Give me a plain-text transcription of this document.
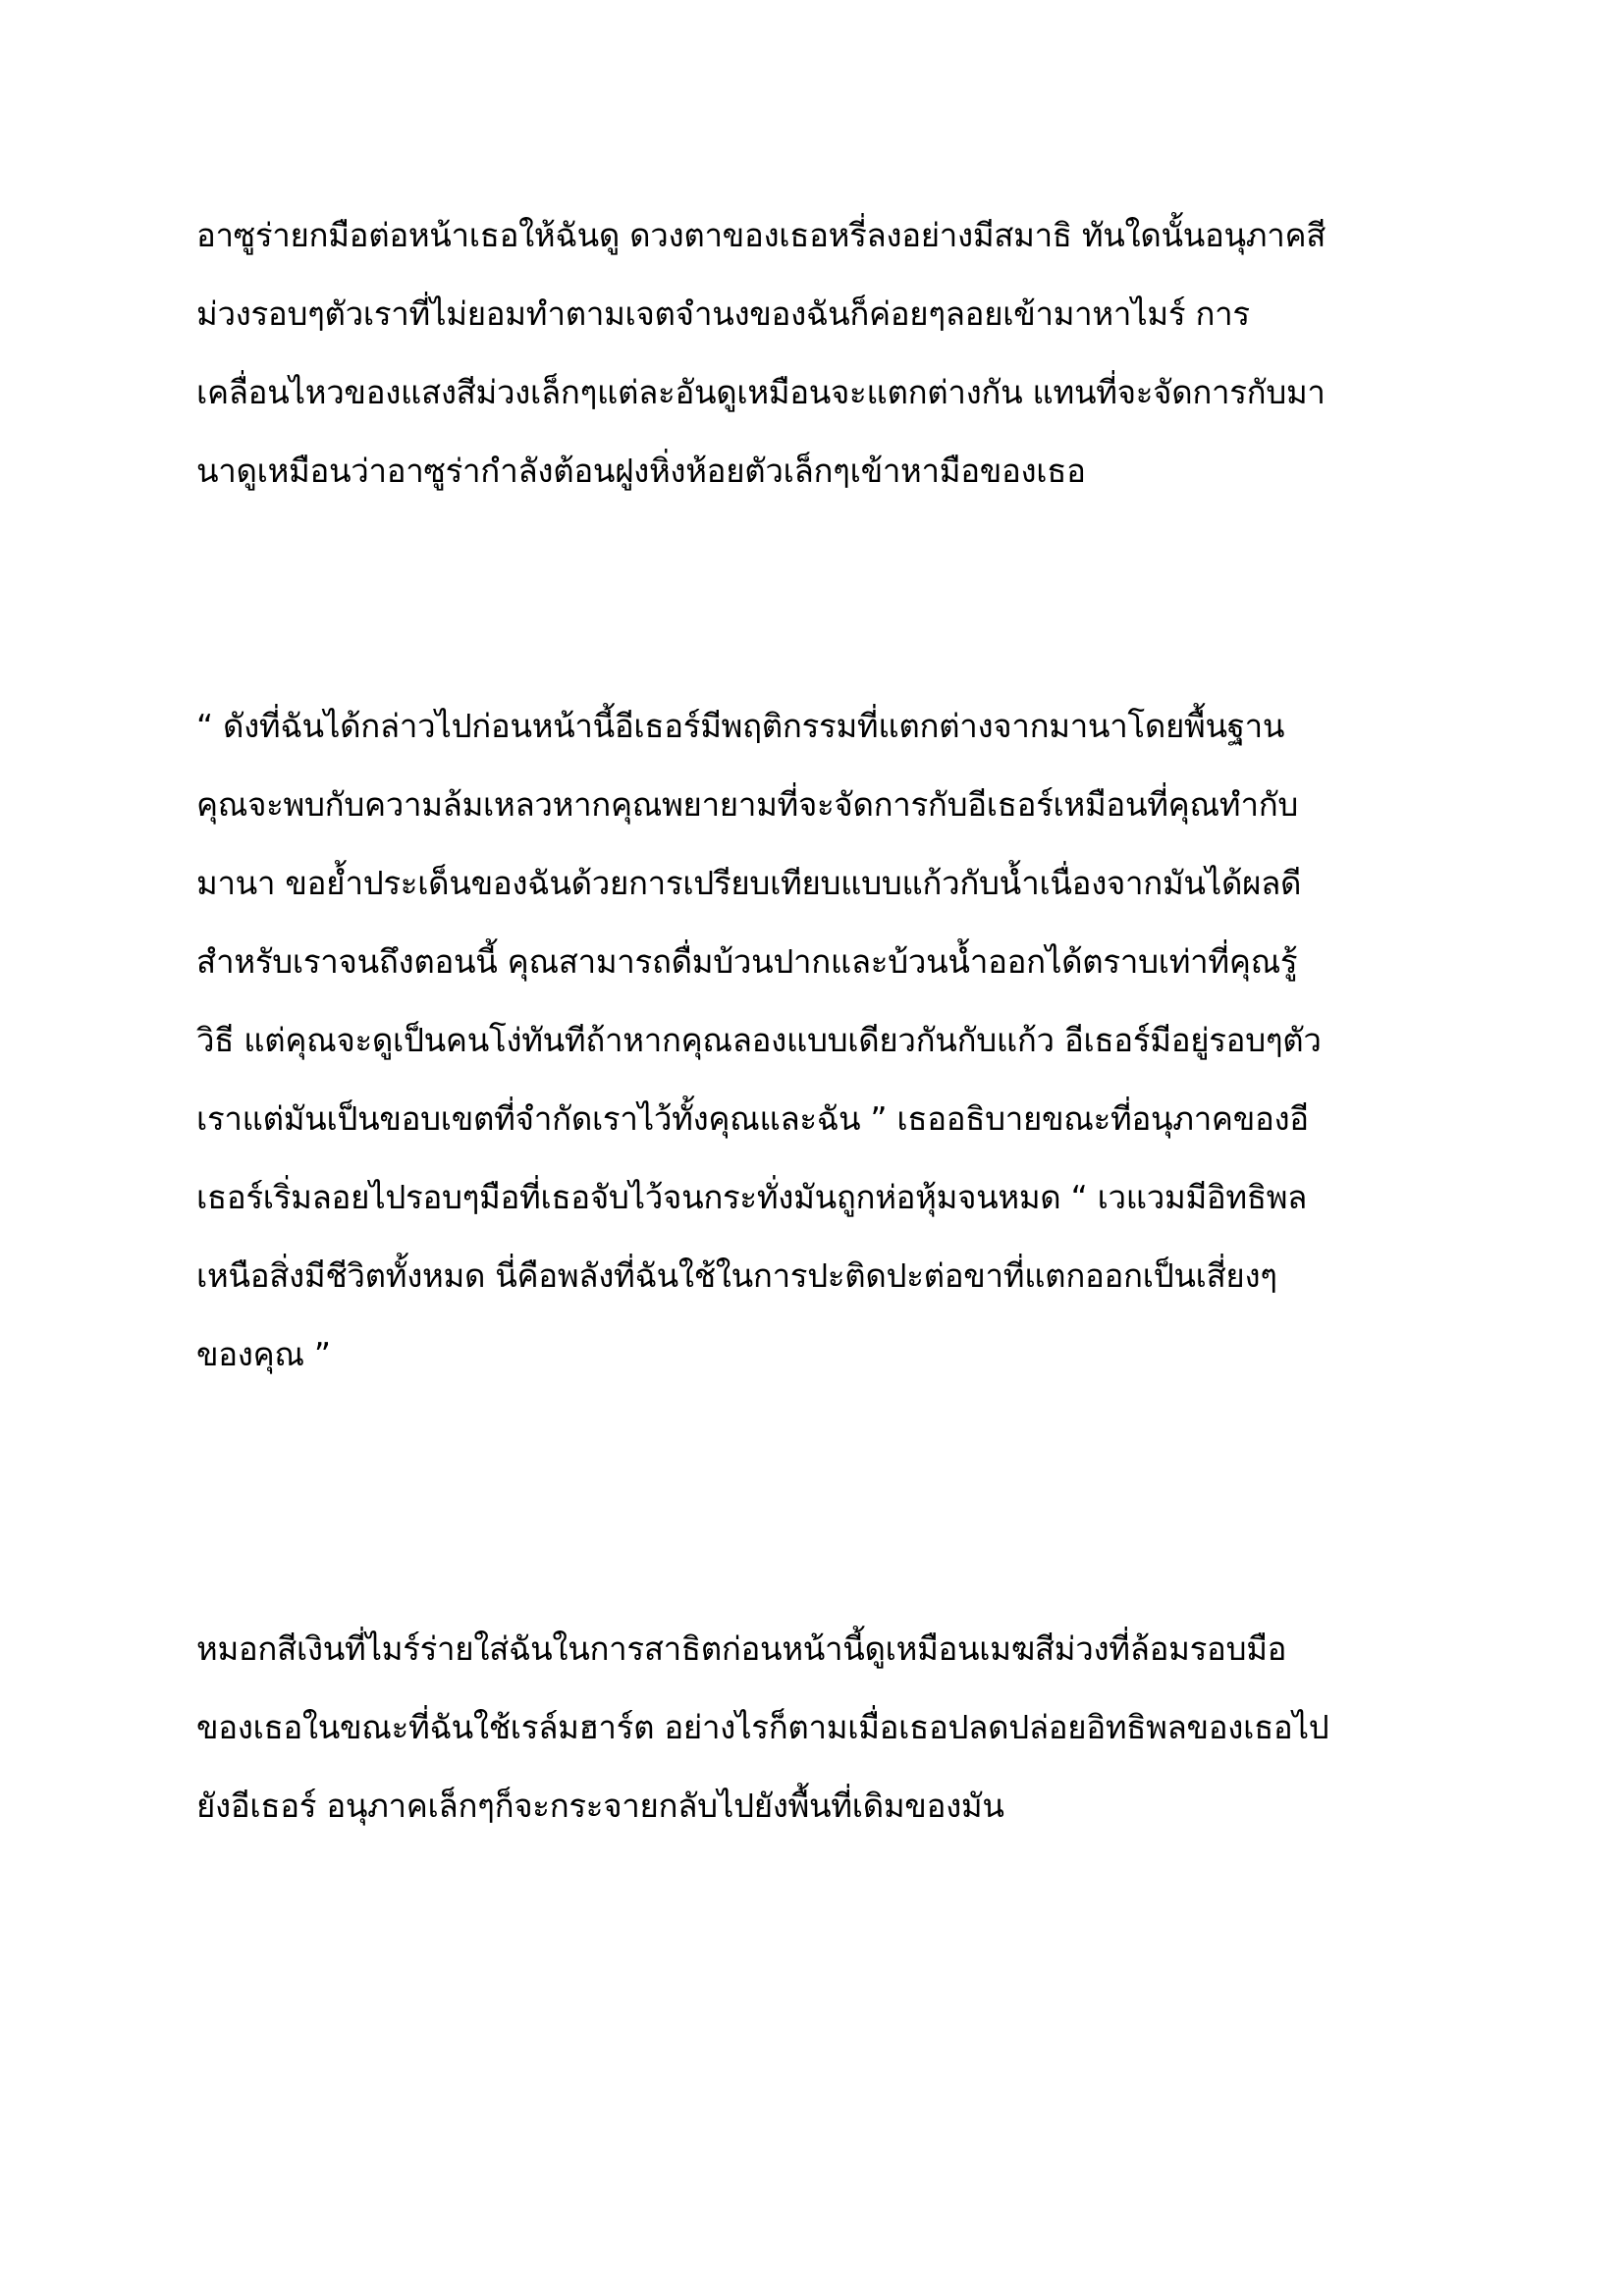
อาซูร่ายกมือต่อหน้าเธอให้ฉันดู ดวงตาของเธอหรี่ลงอย่างมีสมาธิ ทันใดนั้นอนุภาคสี
ม่วงรอบๆตัวเราที่ไม่ยอมทำตามเจตจำนงของฉันก็ค่อยๆลอยเข้ามาหาไมร์ การ
เคลื่อนไหวของแสงสีม่วงเล็กๆแต่ละอันดูเหมือนจะแตกต่างกัน แทนที่จะจัดการกับมา
นาดูเหมือนว่าอาซูร่ากำลังต้อนฝูงหิ่งห้อยตัวเล็กๆเข้าหามือของเธอ
“ ดังที่ฉันได้กล่าวไปก่อนหน้านี้อีเธอร์มีพฤติกรรมที่แตกต่างจากมานาโดยพื้นฐาน
คุณจะพบกับความล้มเหลวหากคุณพยายามที่จะจัดการกับอีเธอร์เหมือนที่คุณทำกับ
มานา ขอย้ำประเด็นของฉันด้วยการเปรียบเทียบแบบแก้วกับน้ำเนื่องจากมันได้ผลดี
สำหรับเราจนถึงตอนนี้ คุณสามารถดื่มบ้วนปากและบ้วนน้ำออกได้ตราบเท่าที่คุณรู้
วิธี แต่คุณจะดูเป็นคนโง่ทันทีถ้าหากคุณลองแบบเดียวกันกับแก้ว อีเธอร์มีอยู่รอบๆตัว
เราแต่มันเป็นขอบเขตที่จำกัดเราไว้ทั้งคุณและฉัน ” เธออธิบายขณะที่อนุภาคของอี
เธอร์เริ่มลอยไปรอบๆมือที่เธอจับไว้จนกระทั่งมันถูกห่อหุ้มจนหมด “ เวแวมมีอิทธิพล
เหนือสิ่งมีชีวิตทั้งหมด นี่คือพลังที่ฉันใช้ในการปะติดปะต่อขาที่แตกออกเป็นเสี่ยงๆ
ของคุณ ”
หมอกสีเงินที่ไมร์ร่ายใส่ฉันในการสาธิตก่อนหน้านี้ดูเหมือนเมฆสีม่วงที่ล้อมรอบมือ
ของเธอในขณะที่ฉันใช้เรล์มฮาร์ต อย่างไรก็ตามเมื่อเธอปลดปล่อยอิทธิพลของเธอไป
ยังอีเธอร์ อนุภาคเล็กๆก็จะกระจายกลับไปยังพื้นที่เดิมของมัน
